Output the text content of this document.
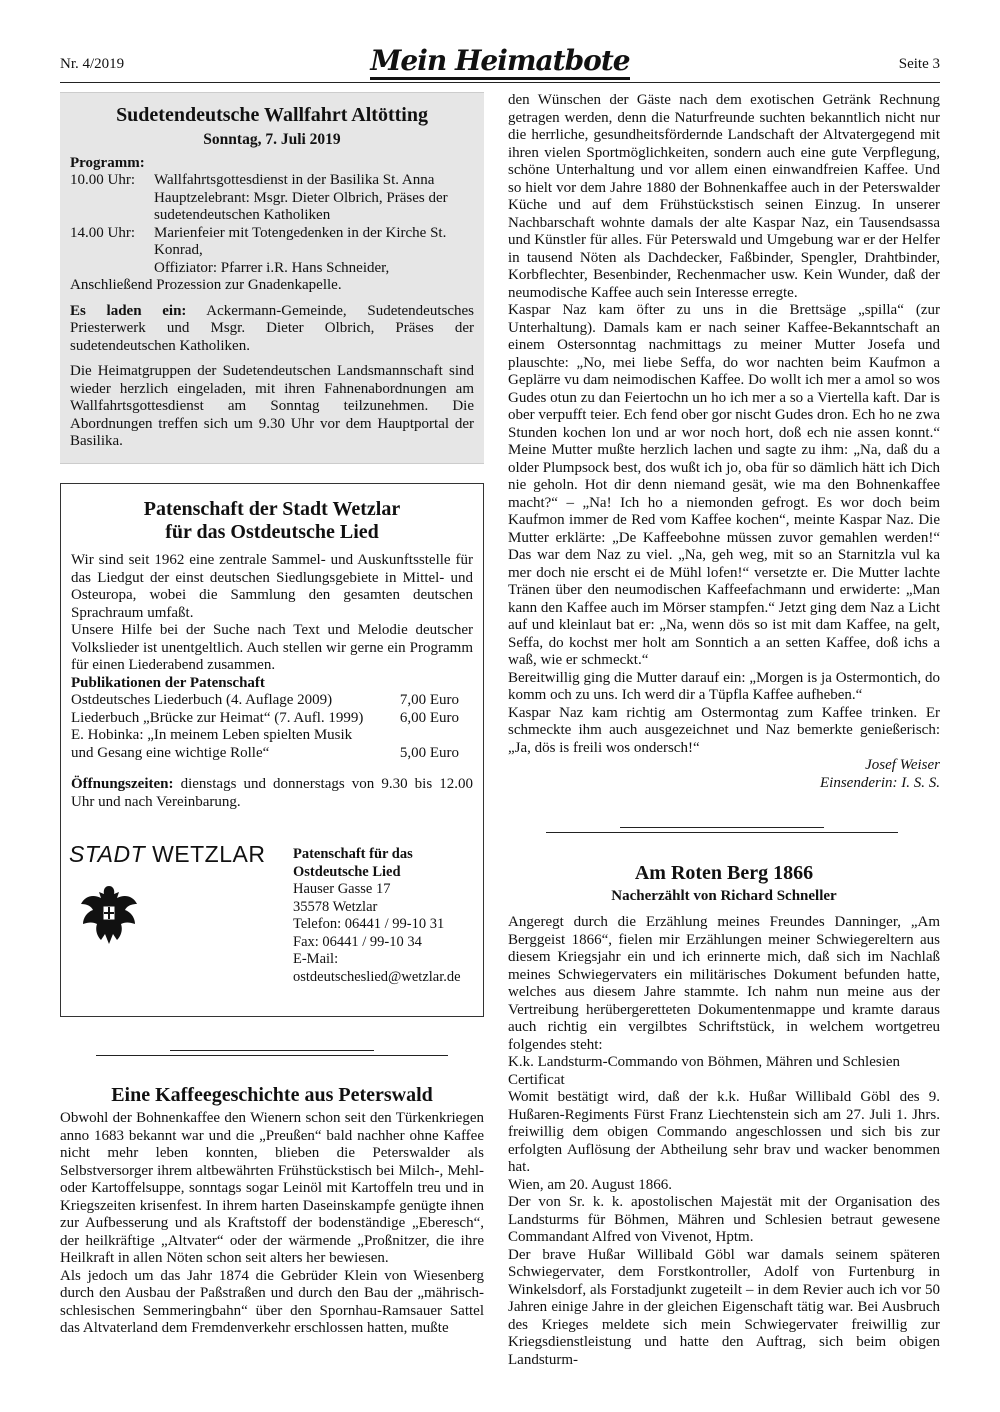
Nr. 4/2019	Mein Heimatbote	Seite 3
Sudetendeutsche Wallfahrt Altötting
Sonntag, 7. Juli 2019
Programm:
10.00 Uhr:	Wallfahrtsgottesdienst in der Basilika St. Anna Hauptzelebrant: Msgr. Dieter Olbrich, Präses der sudetendeutschen Katholiken
14.00 Uhr:	Marienfeier mit Totengedenken in der Kirche St. Konrad,
Offiziator: Pfarrer i.R. Hans Schneider,

Anschließend Prozession zur Gnadenkapelle.

Es laden ein: Ackermann-Gemeinde, Sudetendeutsches Priesterwerk und Msgr. Dieter Olbrich, Präses der sudetendeutschen Katholiken.

Die Heimatgruppen der Sudetendeutschen Landsmannschaft sind wieder herzlich eingeladen, mit ihren Fahnenabordnungen am Wallfahrtsgottesdienst am Sonntag teilzunehmen. Die Abordnungen treffen sich um 9.30 Uhr vor dem Hauptportal der Basilika.

Patenschaft der Stadt Wetzlar
für das Ostdeutsche Lied

Wir sind seit 1962 eine zentrale Sammel- und Auskunftsstelle für das Liedgut der einst deutschen Siedlungsgebiete in Mittel- und Osteuropa, wobei die Sammlung den gesamten deutschen Sprachraum umfaßt.

Unsere Hilfe bei der Suche nach Text und Melodie deutscher Volkslieder ist unentgeltlich. Auch stellen wir gerne ein Programm für einen Liederabend zusammen.

Publikationen der Patenschaft

Ostdeutsches Liederbuch (4. Auflage 2009)	7,00 Euro
Liederbuch „Brücke zur Heimat“ (7. Aufl. 1999)	6,00 Euro
E. Hobinka: „In meinem Leben spielten Musik
und Gesang eine wichtige Rolle“	5,00 Euro

Öffnungszeiten: dienstags und donnerstags von 9.30 bis 12.00 Uhr und nach Vereinbarung.

STADT WETZLAR Patenschaft für das
Ostdeutsche Lied
Hauser Gasse 17
35578 Wetzlar
Telefon: 06441 / 99-10 31
Fax: 06441 / 99-10 34
E-Mail:
ostdeutscheslied@wetzlar.de
Eine Kaffeegeschichte aus Peterswald

Obwohl der Bohnenkaffee den Wienern schon seit den Türkenkriegen anno 1683 bekannt war und die „Preußen“ bald nachher ohne Kaffee nicht mehr leben konnten, blieben die Peterswalder als Selbstversorger ihrem altbewährten Frühstückstisch bei Milch-, Mehl- oder Kartoffelsuppe, sonntags sogar Leinöl mit Kartoffeln treu und in Kriegszeiten krisenfest. In ihrem harten Daseinskampfe genügte ihnen zur Aufbesserung und als Kraftstoff der bodenständige „Eberesch“, der heilkräftige „Altvater“ oder der wärmende „Proßnitzer, die ihre Heilkraft in allen Nöten schon seit alters her bewiesen.

Als jedoch um das Jahr 1874 die Gebrüder Klein von Wiesenberg durch den Ausbau der Paßstraßen und durch den Bau der „mährisch-schlesischen Semmeringbahn“ über den Spornhau-Ramsauer Sattel das Altvaterland dem Fremdenverkehr erschlossen hatten, mußte

den Wünschen der Gäste nach dem exotischen Getränk Rechnung getragen werden, denn die Naturfreunde suchten bekanntlich nicht nur die herrliche, gesundheitsfördernde Landschaft der Altvatergegend mit ihren vielen Sportmöglichkeiten, sondern auch eine gute Verpflegung, schöne Unterhaltung und vor allem einen einwandfreien Kaffee. Und so hielt vor dem Jahre 1880 der Bohnenkaffee auch in der Peterswalder Küche und auf dem Frühstückstisch seinen Einzug. In unserer Nachbarschaft wohnte damals der alte Kaspar Naz, ein Tausendsassa und Künstler für alles. Für Peterswald und Umgebung war er der Helfer in tausend Nöten als Dachdecker, Faßbinder, Spengler, Drahtbinder, Korbflechter, Besenbinder, Rechenmacher usw. Kein Wunder, daß der neumodische Kaffee auch sein Interesse erregte.

Kaspar Naz kam öfter zu uns in die Brettsäge „spilla“ (zur Unterhaltung). Damals kam er nach seiner Kaffee-Bekanntschaft an einem Ostersonntag nachmittags zu meiner Mutter Josefa und plauschte: „No, mei liebe Seffa, do wor nachten beim Kaufmon a Geplärre vu dam neimodischen Kaffee. Do wollt ich mer a amol so wos Gudes otun zu dan Feiertochn un ho ich mer a so a Viertella kaft. Dar is ober verpufft teier. Ech fend ober gor nischt Gudes dron. Ech ho ne zwa Stunden kochen lon und ar wor noch hort, doß ech nie assen konnt.“ Meine Mutter mußte herzlich lachen und sagte zu ihm: „Na, daß du a older Plumpsock best, dos wußt ich jo, oba für so dämlich hätt ich Dich nie geholn. Hot dir denn niemand gesät, wie ma den Bohnenkaffee macht?“ – „Na! Ich ho a niemonden gefrogt. Es wor doch beim Kaufmon immer de Red vom Kaffee kochen“, meinte Kaspar Naz. Die Mutter erklärte: „De Kaffeebohne müssen zuvor gemahlen werden!“ Das war dem Naz zu viel. „Na, geh weg, mit so an Starnitzla vul ka mer doch nie erscht ei de Mühl lofen!“ versetzte er. Die Mutter lachte Tränen über den neumodischen Kaffeefachmann und erwiderte: „Man kann den Kaffee auch im Mörser stampfen.“ Jetzt ging dem Naz a Licht auf und kleinlaut bat er: „Na, wenn dös so ist mit dam Kaffee, na gelt, Seffa, do kochst mer holt am Sonntich a an setten Kaffee, doß ichs a waß, wie er schmeckt.“

Bereitwillig ging die Mutter darauf ein: „Morgen is ja Ostermontich, do komm och zu uns. Ich werd dir a Tüpfla Kaffee aufheben.“

Kaspar Naz kam richtig am Ostermontag zum Kaffee trinken. Er schmeckte ihm auch ausgezeichnet und Naz bemerkte genießerisch: „Ja, dös is freili wos ondersch!“

Josef Weiser
Einsenderin: I. S. S.
Am Roten Berg 1866
Nacherzählt von Richard Schneller

Angeregt durch die Erzählung meines Freundes Danninger, „Am Berggeist 1866“, fielen mir Erzählungen meiner Schwiegereltern aus diesem Kriegsjahr ein und ich erinnerte mich, daß sich im Nachlaß meines Schwiegervaters ein militärisches Dokument befunden hatte, welches aus diesem Jahre stammte. Ich nahm nun meine aus der Vertreibung herübergeretteten Dokumentenmappe und kramte daraus auch richtig ein vergilbtes Schriftstück, in welchem wortgetreu folgendes steht:

K.k. Landsturm-Commando von Böhmen, Mähren und Schlesien

Certificat

Womit bestätigt wird, daß der k.k. Hußar Willibald Göbl des 9. Hußaren-Regiments Fürst Franz Liechtenstein sich am 27. Juli 1. Jhrs. freiwillig dem obigen Commando angeschlossen und sich bis zur erfolgten Auflösung der Abtheilung sehr brav und wacker benommen hat.

Wien, am 20. August 1866.

Der von Sr. k. k. apostolischen Majestät mit der Organisation des Landsturms für Böhmen, Mähren und Schlesien betraut gewesene Commandant Alfred von Vivenot, Hptm.

Der brave Hußar Willibald Göbl war damals seinem späteren Schwiegervater, dem Forstkontroller, Adolf von Furtenburg in Winkelsdorf, als Forstadjunkt zugeteilt – in dem Revier auch ich vor 50 Jahren einige Jahre in der gleichen Eigenschaft tätig war. Bei Ausbruch des Krieges meldete sich mein Schwiegervater freiwillig zur Kriegsdienstleistung und hatte den Auftrag, sich beim obigen Landsturm-
